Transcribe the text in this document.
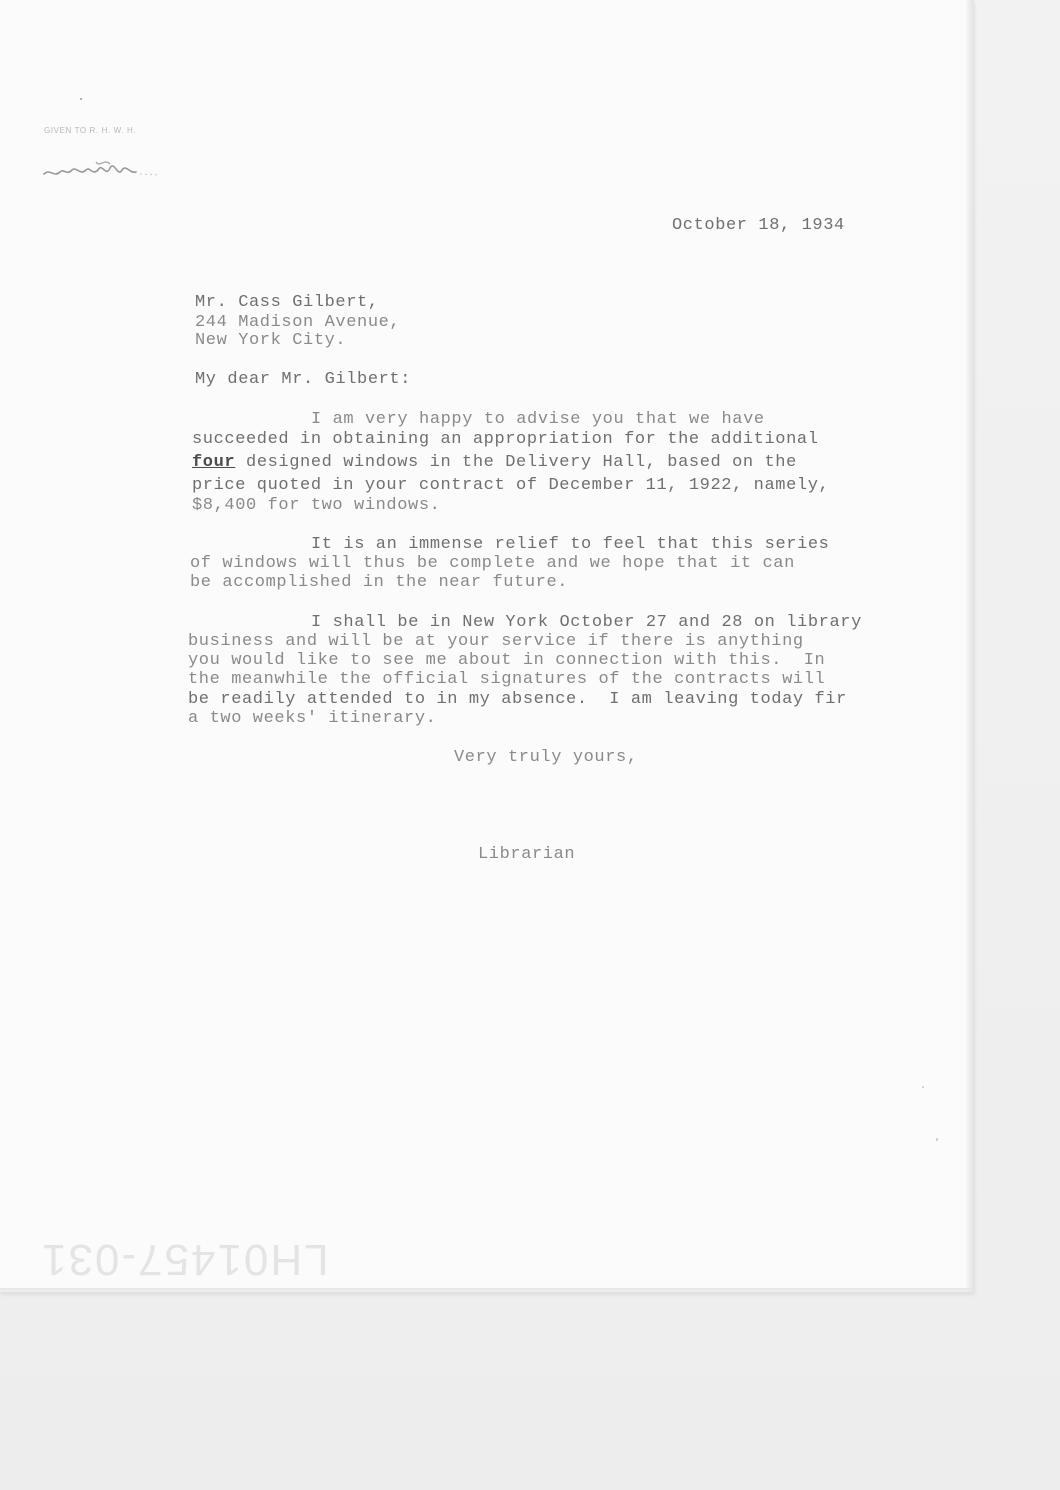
GIVEN TO R. H. W. H.

October 18, 1934

Mr. Cass Gilbert,

244 Madison Avenue,

New York City.

My dear Mr. Gilbert:

I am very happy to advise you that we have

succeeded in obtaining an appropriation for the additional

four designed windows in the Delivery Hall, based on the

price quoted in your contract of December 11, 1922, namely,

$8,400 for two windows.

It is an immense relief to feel that this series

of windows will thus be complete and we hope that it can

be accomplished in the near future.

I shall be in New York October 27 and 28 on library

business and will be at your service if there is anything

you would like to see me about in connection with this.  In

the meanwhile the official signatures of the contracts will

be readily attended to in my absence.  I am leaving today fir

a two weeks' itinerary.

Very truly yours,

Librarian

LH01457-031
